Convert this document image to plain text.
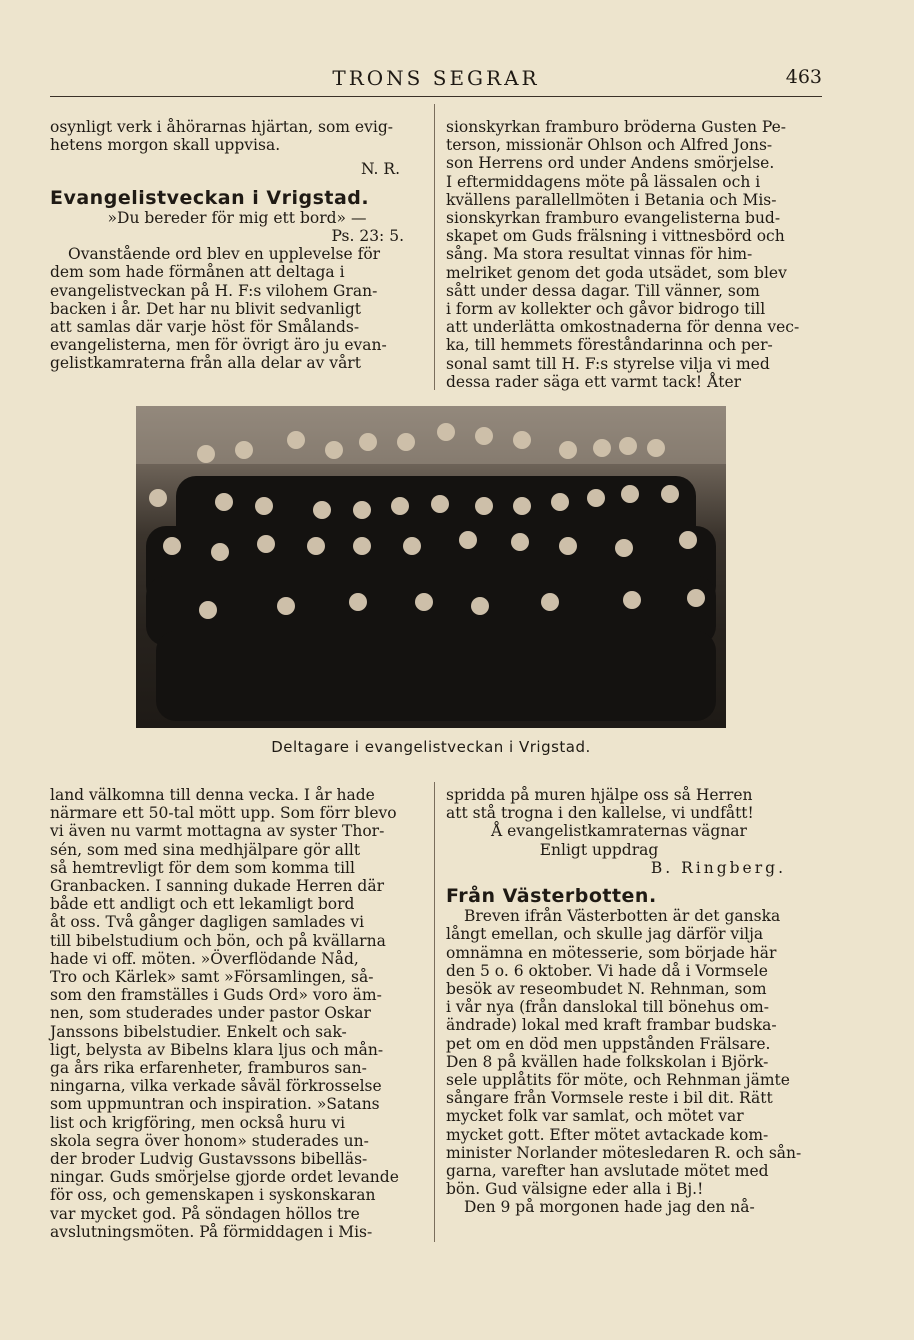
TRONS SEGRAR	463

osynligt verk i åhörarnas hjärtan, som evig-

hetens morgon skall uppvisa.

N. R.

Evangelistveckan i Vrigstad.

»Du bereder för mig ett bord» —

Ps. 23: 5.

Ovanstående ord blev en upplevelse för

dem som hade förmånen att deltaga i

evangelistveckan på H. F:s vilohem Gran-

backen i år. Det har nu blivit sedvanligt

att samlas där varje höst för Smålands-

evangelisterna, men för övrigt äro ju evan-

gelistkamraterna från alla delar av vårt

sionskyrkan framburo bröderna Gusten Pe-

terson, missionär Ohlson och Alfred Jons-

son Herrens ord under Andens smörjelse.

I eftermiddagens möte på lässalen och i

kvällens parallellmöten i Betania och Mis-

sionskyrkan framburo evangelisterna bud-

skapet om Guds frälsning i vittnesbörd och

sång. Ma stora resultat vinnas för him-

melriket genom det goda utsädet, som blev

sått under dessa dagar. Till vänner, som

i form av kollekter och gåvor bidrogo till

att underlätta omkostnaderna för denna vec-

ka, till hemmets föreståndarinna och per-

sonal samt till H. F:s styrelse vilja vi med

dessa rader säga ett varmt tack! Åter

Deltagare i evangelistveckan i Vrigstad.

land välkomna till denna vecka. I år hade

närmare ett 50-tal mött upp. Som förr blevo

vi även nu varmt mottagna av syster Thor-

sén, som med sina medhjälpare gör allt

så hemtrevligt för dem som komma till

Granbacken. I sanning dukade Herren där

både ett andligt och ett lekamligt bord

åt oss. Två gånger dagligen samlades vi

till bibelstudium och bön, och på kvällarna

hade vi off. möten. »Överflödande Nåd,

Tro och Kärlek» samt »Församlingen, så-

som den framställes i Guds Ord» voro äm-

nen, som studerades under pastor Oskar

Janssons bibelstudier. Enkelt och sak-

ligt, belysta av Bibelns klara ljus och mån-

ga års rika erfarenheter, framburos san-

ningarna, vilka verkade såväl förkrosselse

som uppmuntran och inspiration. »Satans

list och krigföring, men också huru vi

skola segra över honom» studerades un-

der broder Ludvig Gustavssons bibelläs-

ningar. Guds smörjelse gjorde ordet levande

för oss, och gemenskapen i syskonskaran

var mycket god. På söndagen höllos tre

avslutningsmöten. På förmiddagen i Mis-

spridda på muren hjälpe oss så Herren

att stå trogna i den kallelse, vi undfått!

Å evangelistkamraternas vägnar

Enligt uppdrag

B. Ringberg.

Från Västerbotten.

Breven ifrån Västerbotten är det ganska

långt emellan, och skulle jag därför vilja

omnämna en mötesserie, som började här

den 5 o. 6 oktober. Vi hade då i Vormsele

besök av reseombudet N. Rehnman, som

i vår nya (från danslokal till bönehus om-

ändrade) lokal med kraft frambar budska-

pet om en död men uppstånden Frälsare.

Den 8 på kvällen hade folkskolan i Björk-

sele upplåtits för möte, och Rehnman jämte

sångare från Vormsele reste i bil dit. Rätt

mycket folk var samlat, och mötet var

mycket gott. Efter mötet avtackade kom-

minister Norlander mötesledaren R. och sån-

garna, varefter han avslutade mötet med

bön. Gud välsigne eder alla i Bj.!

Den 9 på morgonen hade jag den nå-
